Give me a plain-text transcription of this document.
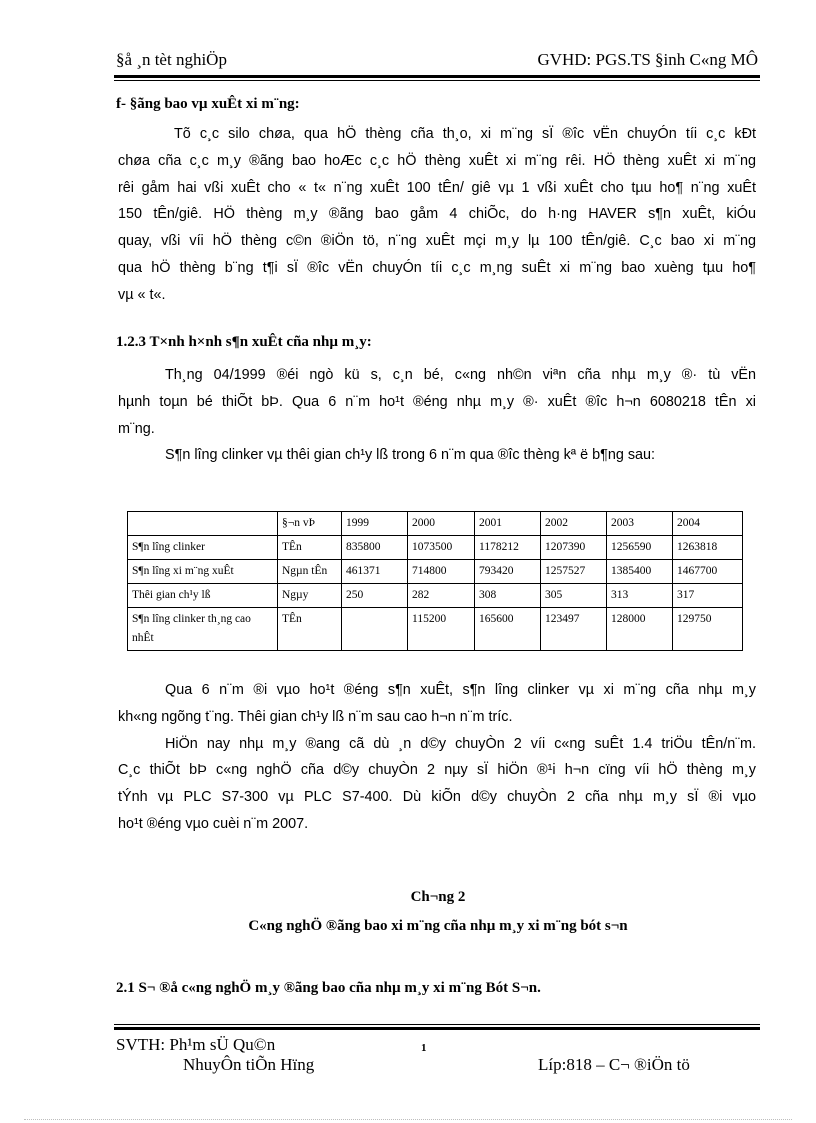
§å ¸n tèt nghiÖp	GVHD: PGS.TS §inh C«ng MÔ
f- §ãng bao vµ xuÊt xi m¨ng:
Tõ c¸c silo chøa, qua hÖ thèng cña th¸o, xi m¨ng sÏ ®îc vËn chuyÓn tíi c¸c kÐt
chøa cña c¸c m¸y ®ãng bao hoÆc c¸c hÖ thèng xuÊt xi m¨ng rêi. HÖ thèng xuÊt xi m¨ng
rêi gåm hai vßi xuÊt cho « t« n¨ng xuÊt 100 tÊn/ giê vµ 1 vßi xuÊt cho tµu ho¶ n¨ng xuÊt
150 tÊn/giê. HÖ thèng m¸y ®ãng bao gåm 4 chiÕc, do h·ng HAVER s¶n xuÊt, kiÓu
quay, vßi víi hÖ thèng c©n ®iÖn tö, n¨ng xuÊt mçi m¸y lµ 100 tÊn/giê. C¸c bao xi m¨ng
qua hÖ thèng b¨ng t¶i sÏ ®îc vËn chuyÓn tíi c¸c m¸ng suÊt xi m¨ng bao xuèng tµu ho¶
vµ « t«.
1.2.3 T×nh h×nh s¶n xuÊt cña nhµ m¸y:
Th¸ng 04/1999 ®éi ngò kü s, c¸n bé, c«ng nh©n viªn cña nhµ m¸y ®· tù vËn
hµnh toµn bé thiÕt bÞ. Qua 6 n¨m ho¹t ®éng nhµ m¸y ®· xuÊt ®îc h¬n 6080218 tÊn xi
m¨ng.
S¶n lîng clinker vµ thêi gian ch¹y lß trong 6 n¨m qua ®îc thèng kª ë b¶ng sau:
	§¬n vÞ	1999	2000	2001	2002	2003	2004
S¶n lîng clinker	TÊn	835800	1073500	1178212	1207390	1256590	1263818
S¶n lîng xi m¨ng xuÊt	Ngµn tÊn	461371	714800	793420	1257527	1385400	1467700
Thêi gian ch¹y lß	Ngµy	250	282	308	305	313	317
S¶n lîng clinker th¸ng cao nhÊt	TÊn		115200	165600	123497	128000	129750
Qua 6 n¨m ®i vµo ho¹t ®éng s¶n xuÊt, s¶n lîng clinker vµ xi m¨ng cña nhµ m¸y
kh«ng ngõng t¨ng. Thêi gian ch¹y lß n¨m sau cao h¬n n¨m tríc.
HiÖn nay nhµ m¸y ®ang cã dù ¸n d©y chuyÒn 2 víi c«ng suÊt 1.4 triÖu tÊn/n¨m.
C¸c thiÕt bÞ c«ng nghÖ cña d©y chuyÒn 2 nµy sÏ hiÖn ®¹i h¬n cïng víi hÖ thèng m¸y
tÝnh vµ PLC S7-300 vµ PLC S7-400. Dù kiÕn d©y chuyÒn 2 cña nhµ m¸y sÏ ®i vµo
ho¹t ®éng vµo cuèi n¨m 2007.
Ch¬ng 2
C«ng nghÖ ®ãng bao xi m¨ng cña nhµ m¸y xi m¨ng bót s¬n
2.1 S¬ ®å c«ng nghÖ m¸y ®ãng bao cña nhµ m¸y xi m¨ng Bót S¬n.
SVTH: Ph¹m sÜ Qu©n
NhuyÔn tiÕn Hïng
1
Líp:818 – C¬ ®iÖn tö
